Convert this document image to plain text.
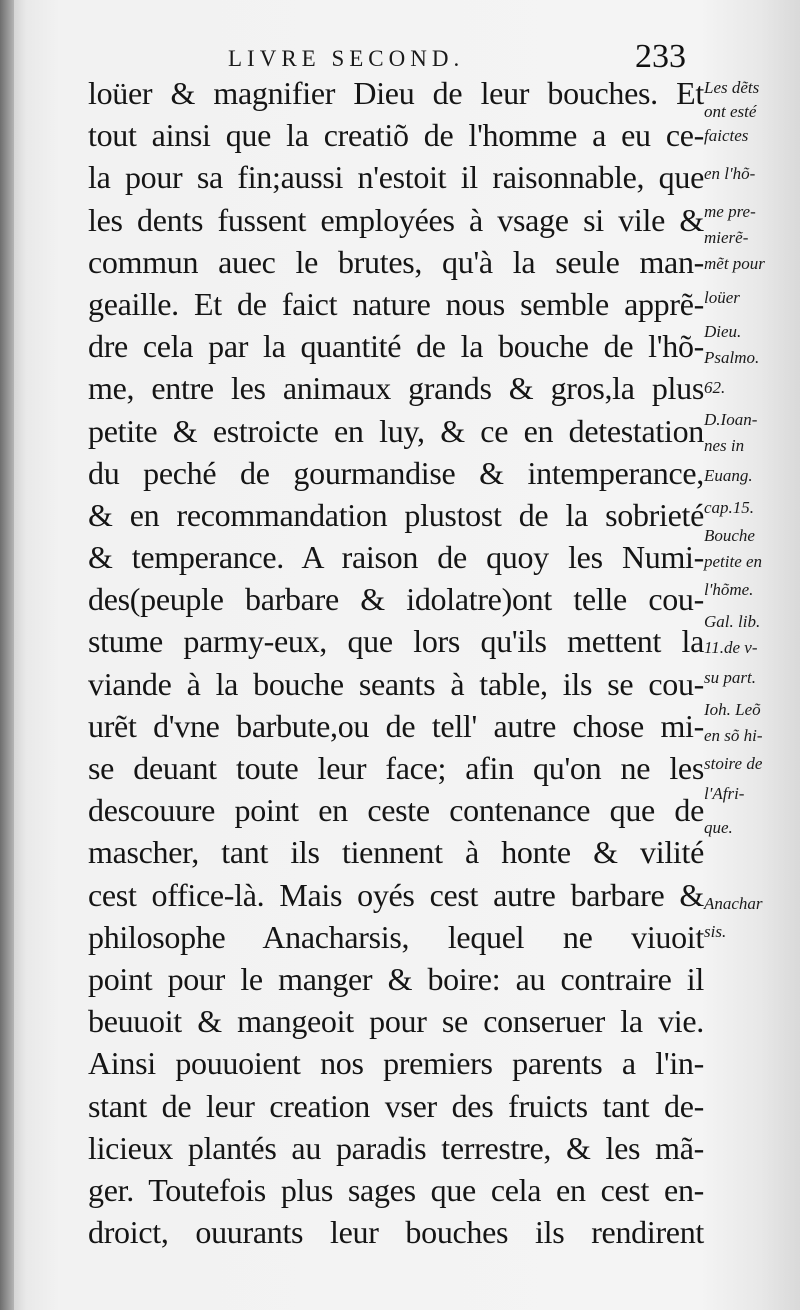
LIVRE SECOND.	233
loüer & magnifier Dieu de leur bouches. Et
tout ainsi que la creatiõ de l'homme a eu ce-
la pour sa fin;aussi n'estoit il raisonnable, que
les dents fussent employées à vsage si vile &
commun auec le brutes, qu'à la seule man-
geaille. Et de faict nature nous semble apprẽ-
dre cela par la quantité de la bouche de l'hõ-
me, entre les animaux grands & gros,la plus
petite & estroicte en luy, & ce en detestation
du peché de gourmandise & intemperance,
& en recommandation plustost de la sobrieté
& temperance. A raison de quoy les Numi-
des(peuple barbare & idolatre)ont telle cou-
stume parmy-eux, que lors qu'ils mettent la
viande à la bouche seants à table, ils se cou-
urẽt d'vne barbute,ou de tell' autre chose mi-
se deuant toute leur face; afin qu'on ne les
descouure point en ceste contenance que de
mascher, tant ils tiennent à honte & vilité
cest office-là. Mais oyés cest autre barbare &
philosophe Anacharsis, lequel ne viuoit
point pour le manger & boire: au contraire il
beuuoit & mangeoit pour se conseruer la vie.
Ainsi pouuoient nos premiers parents a l'in-
stant de leur creation vser des fruicts tant de-
licieux plantés au paradis terrestre, & les mã-
ger. Toutefois plus sages que cela en cest en-
droict, ouurants leur bouches ils rendirent
Les dẽts
ont esté
faictes
en l'hõ-
me pre-
mierẽ-
mẽt pour
loüer
Dieu.
Psalmo.
62.
D.Ioan-
nes in
Euang.
cap.15.
Bouche
petite en
l'hõme.
Gal. lib.
11.de v-
su part.
Ioh. Leõ
en sõ hi-
stoire de
l'Afri-
que.
Anachar
sis.
